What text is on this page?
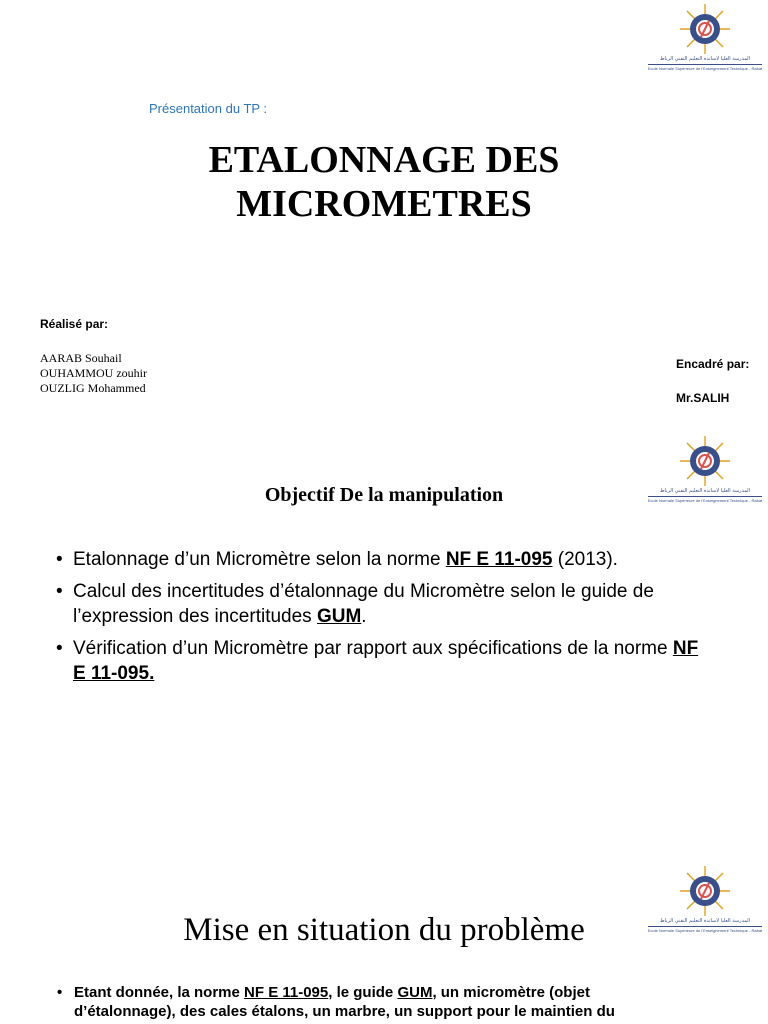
المدرسة العليا لأساتذة التعليم التقني الرباط
Ecole Normale Supérieure de l'Enseignement Technique - Rabat
Présentation du TP :
ETALONNAGE DES
MICROMETRES
Réalisé par:
AARAB Souhail
OUHAMMOU zouhir
OUZLIG Mohammed
Encadré par:
Mr.SALIH
المدرسة العليا لأساتذة التعليم التقني الرباط
Ecole Normale Supérieure de l'Enseignement Technique - Rabat
Objectif De la manipulation
• Etalonnage d’un Micromètre selon la norme NF E 11-095 (2013).
• Calcul des incertitudes d’étalonnage du Micromètre selon le guide de l’expression des incertitudes GUM.
• Vérification d’un Micromètre par rapport aux spécifications de la norme NF E 11-095.
المدرسة العليا لأساتذة التعليم التقني الرباط
Ecole Normale Supérieure de l'Enseignement Technique - Rabat
Mise en situation du problème
• Etant donnée, la norme NF E 11-095, le guide GUM, un micromètre (objet d’étalonnage), des cales étalons, un marbre, un support pour le maintien du
